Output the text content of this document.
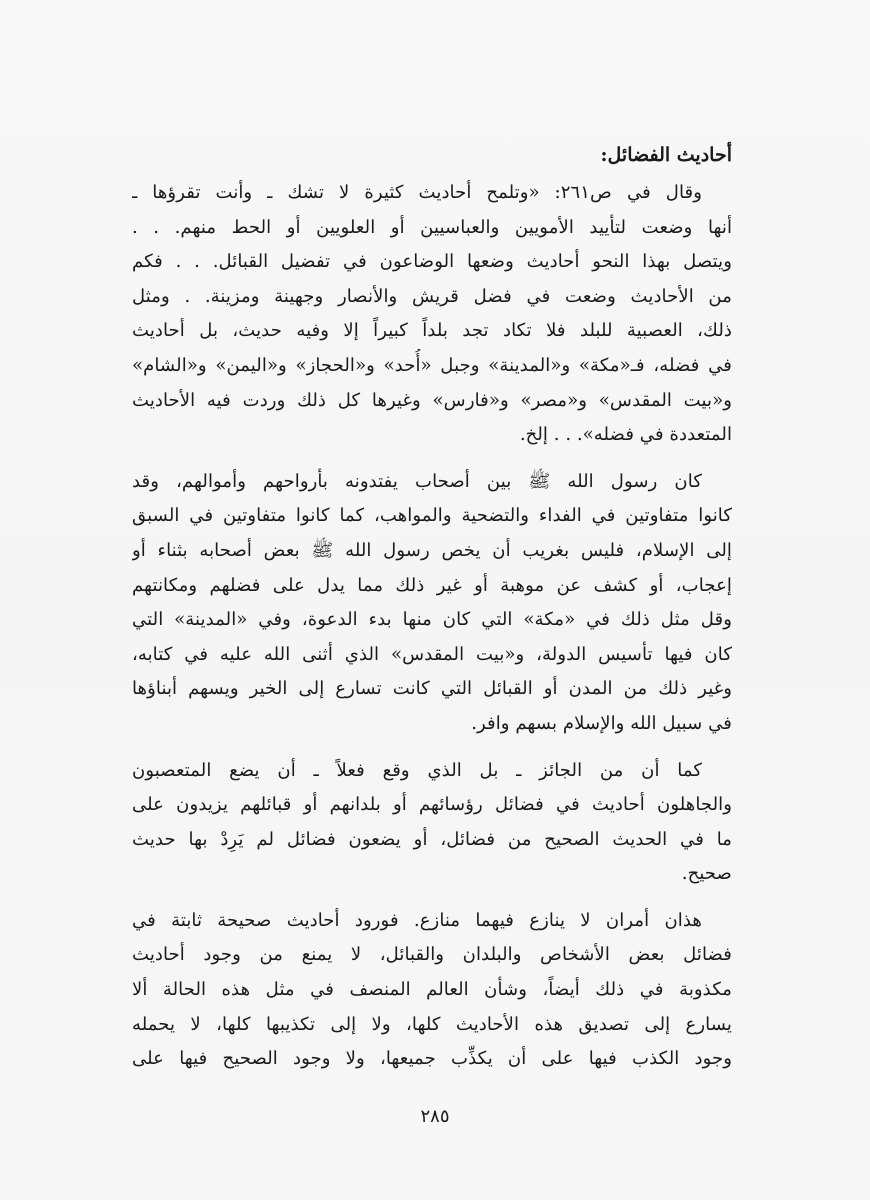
أحاديث الفضائل:
وقال في ص٢٦١: «وتلمح أحاديث كثيرة لا تشك ـ وأنت تقرؤها ـ
أنها وضعت لتأييد الأمويين والعباسيين أو العلويين أو الحط منهم. . .
ويتصل بهذا النحو أحاديث وضعها الوضاعون في تفضيل القبائل. . . فكم
من الأحاديث وضعت في فضل قريش والأنصار وجهينة ومزينة. . ومثل
ذلك، العصبية للبلد فلا تكاد تجد بلداً كبيراً إلا وفيه حديث، بل أحاديث
في فضله، فـ«مكة» و«المدينة» وجبل «أُحد» و«الحجاز» و«اليمن» و«الشام»
و«بيت المقدس» و«مصر» و«فارس» وغيرها كل ذلك وردت فيه الأحاديث
المتعددة في فضله». . . إلخ.
كان رسول الله ﷺ بين أصحاب يفتدونه بأرواحهم وأموالهم، وقد
كانوا متفاوتين في الفداء والتضحية والمواهب، كما كانوا متفاوتين في السبق
إلى الإسلام، فليس بغريب أن يخص رسول الله ﷺ بعض أصحابه بثناء أو
إعجاب، أو كشف عن موهبة أو غير ذلك مما يدل على فضلهم ومكانتهم
وقل مثل ذلك في «مكة» التي كان منها بدء الدعوة، وفي «المدينة» التي
كان فيها تأسيس الدولة، و«بيت المقدس» الذي أثنى الله عليه في كتابه،
وغير ذلك من المدن أو القبائل التي كانت تسارع إلى الخير ويسهم أبناؤها
في سبيل الله والإسلام بسهم وافر.
كما أن من الجائز ـ بل الذي وقع فعلاً ـ أن يضع المتعصبون
والجاهلون أحاديث في فضائل رؤسائهم أو بلدانهم أو قبائلهم يزيدون على
ما في الحديث الصحيح من فضائل، أو يضعون فضائل لم يَرِدْ بها حديث
صحيح.
هذان أمران لا ينازع فيهما منازع. فورود أحاديث صحيحة ثابتة في
فضائل بعض الأشخاص والبلدان والقبائل، لا يمنع من وجود أحاديث
مكذوبة في ذلك أيضاً، وشأن العالم المنصف في مثل هذه الحالة ألا
يسارع إلى تصديق هذه الأحاديث كلها، ولا إلى تكذيبها كلها، لا يحمله
وجود الكذب فيها على أن يكذِّب جميعها، ولا وجود الصحيح فيها على
٢٨٥
